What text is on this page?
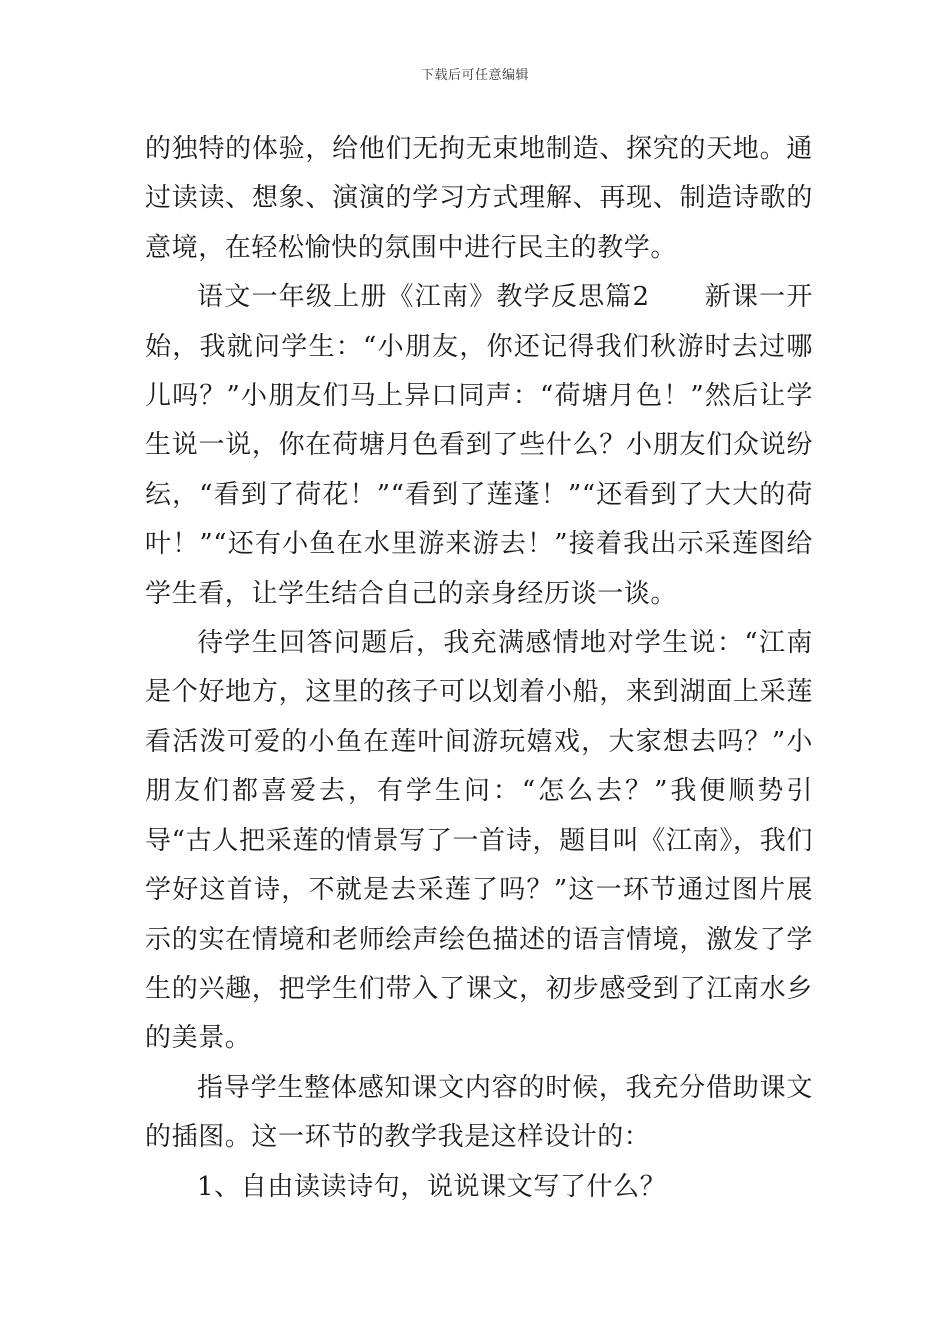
下载后可任意编辑

的独特的体验，给他们无拘无束地制造、探究的天地。通过读读、想象、演演的学习方式理解、再现、制造诗歌的意境，在轻松愉快的氛围中进行民主的教学。

语文一年级上册《江南》教学反思篇2　　新课一开始，我就问学生：“小朋友，你还记得我们秋游时去过哪儿吗？”小朋友们马上异口同声：“荷塘月色！”然后让学生说一说，你在荷塘月色看到了些什么？小朋友们众说纷纭，“看到了荷花！”“看到了莲蓬！”“还看到了大大的荷叶！”“还有小鱼在水里游来游去！”接着我出示采莲图给学生看，让学生结合自己的亲身经历谈一谈。

待学生回答问题后，我充满感情地对学生说：“江南是个好地方，这里的孩子可以划着小船，来到湖面上采莲看活泼可爱的小鱼在莲叶间游玩嬉戏，大家想去吗？”小朋友们都喜爱去，有学生问：“怎么去？”我便顺势引导“古人把采莲的情景写了一首诗，题目叫《江南》，我们学好这首诗，不就是去采莲了吗？”这一环节通过图片展示的实在情境和老师绘声绘色描述的语言情境，激发了学生的兴趣，把学生们带入了课文，初步感受到了江南水乡的美景。

指导学生整体感知课文内容的时候，我充分借助课文的插图。这一环节的教学我是这样设计的：

1、自由读读诗句，说说课文写了什么？
